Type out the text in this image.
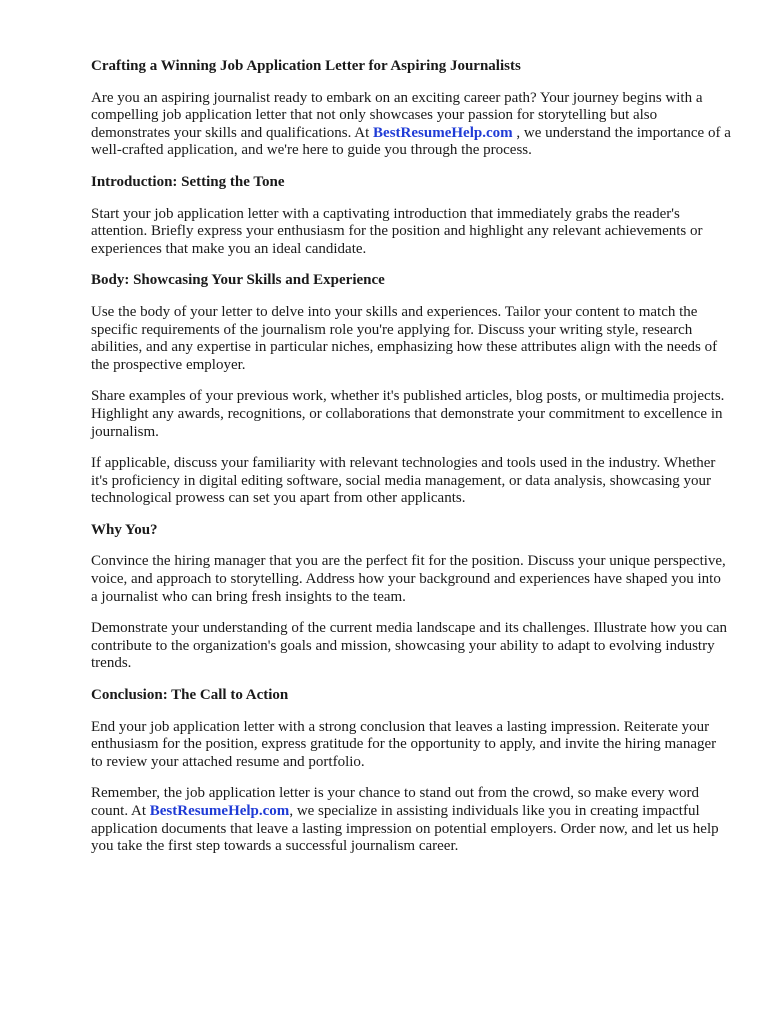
Crafting a Winning Job Application Letter for Aspiring Journalists

Are you an aspiring journalist ready to embark on an exciting career path? Your journey begins with a compelling job application letter that not only showcases your passion for storytelling but also demonstrates your skills and qualifications. At BestResumeHelp.com , we understand the importance of a well-crafted application, and we're here to guide you through the process.

Introduction: Setting the Tone

Start your job application letter with a captivating introduction that immediately grabs the reader's attention. Briefly express your enthusiasm for the position and highlight any relevant achievements or experiences that make you an ideal candidate.

Body: Showcasing Your Skills and Experience

Use the body of your letter to delve into your skills and experiences. Tailor your content to match the specific requirements of the journalism role you're applying for. Discuss your writing style, research abilities, and any expertise in particular niches, emphasizing how these attributes align with the needs of the prospective employer.

Share examples of your previous work, whether it's published articles, blog posts, or multimedia projects. Highlight any awards, recognitions, or collaborations that demonstrate your commitment to excellence in journalism.

If applicable, discuss your familiarity with relevant technologies and tools used in the industry. Whether it's proficiency in digital editing software, social media management, or data analysis, showcasing your technological prowess can set you apart from other applicants.

Why You?

Convince the hiring manager that you are the perfect fit for the position. Discuss your unique perspective, voice, and approach to storytelling. Address how your background and experiences have shaped you into a journalist who can bring fresh insights to the team.

Demonstrate your understanding of the current media landscape and its challenges. Illustrate how you can contribute to the organization's goals and mission, showcasing your ability to adapt to evolving industry trends.

Conclusion: The Call to Action

End your job application letter with a strong conclusion that leaves a lasting impression. Reiterate your enthusiasm for the position, express gratitude for the opportunity to apply, and invite the hiring manager to review your attached resume and portfolio.

Remember, the job application letter is your chance to stand out from the crowd, so make every word count. At BestResumeHelp.com, we specialize in assisting individuals like you in creating impactful application documents that leave a lasting impression on potential employers. Order now, and let us help you take the first step towards a successful journalism career.
